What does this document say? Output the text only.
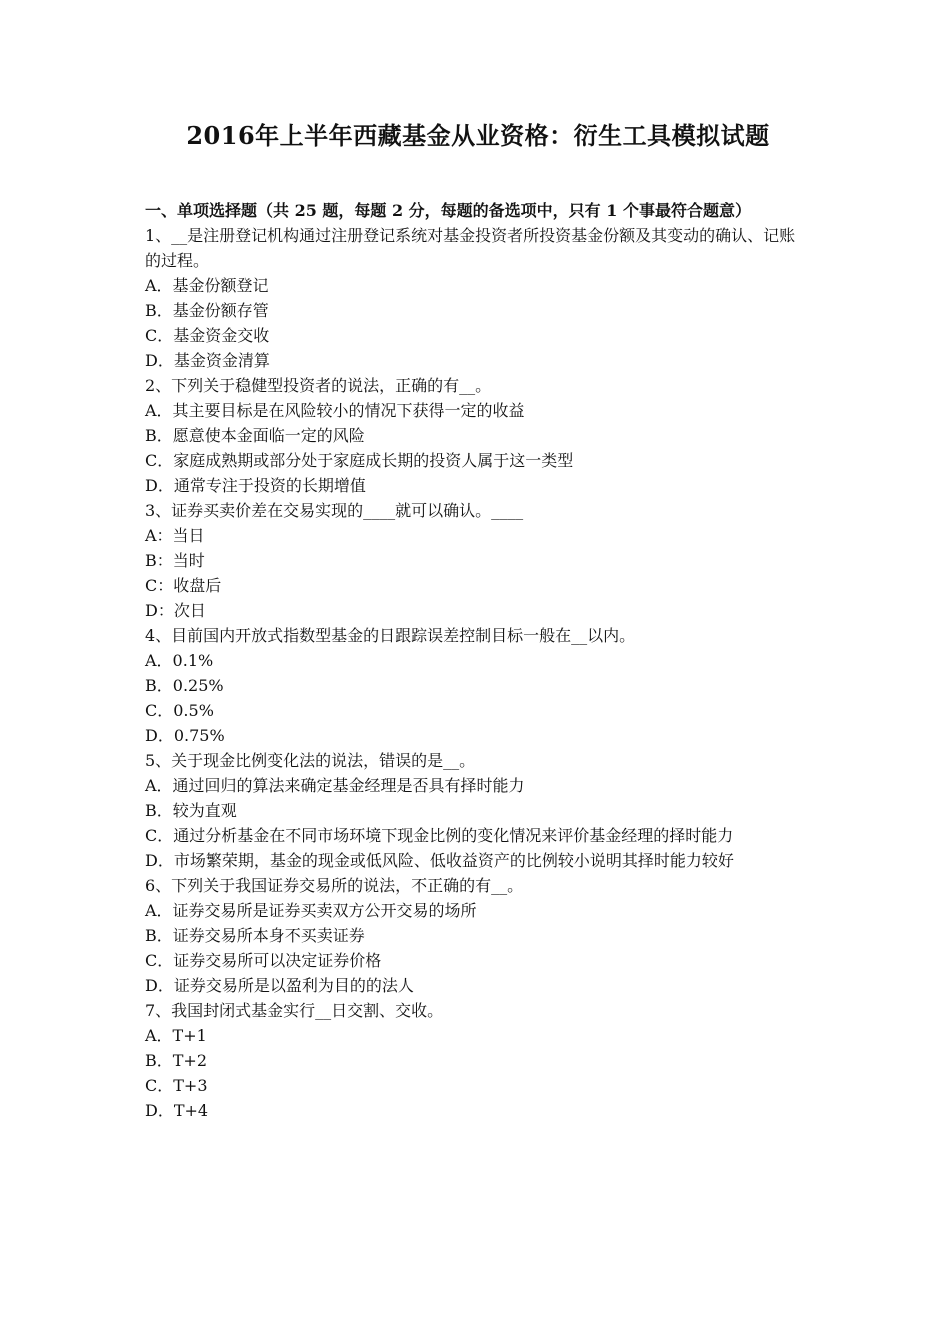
2016年上半年西藏基金从业资格：衍生工具模拟试题

一、单项选择题（共 25 题，每题 2 分，每题的备选项中，只有 1 个事最符合题意）

1、__是注册登记机构通过注册登记系统对基金投资者所投资基金份额及其变动的确认、记账的过程。

A．基金份额登记

B．基金份额存管

C．基金资金交收

D．基金资金清算

2、下列关于稳健型投资者的说法，正确的有__。

A．其主要目标是在风险较小的情况下获得一定的收益

B．愿意使本金面临一定的风险

C．家庭成熟期或部分处于家庭成长期的投资人属于这一类型

D．通常专注于投资的长期增值

3、证券买卖价差在交易实现的____就可以确认。____

A：当日

B：当时

C：收盘后

D：次日

4、目前国内开放式指数型基金的日跟踪误差控制目标一般在__以内。

A．0.1%

B．0.25%

C．0.5%

D．0.75%

5、关于现金比例变化法的说法，错误的是__。

A．通过回归的算法来确定基金经理是否具有择时能力

B．较为直观

C．通过分析基金在不同市场环境下现金比例的变化情况来评价基金经理的择时能力

D．市场繁荣期，基金的现金或低风险、低收益资产的比例较小说明其择时能力较好

6、下列关于我国证券交易所的说法，不正确的有__。

A．证券交易所是证券买卖双方公开交易的场所

B．证券交易所本身不买卖证券

C．证券交易所可以决定证券价格

D．证券交易所是以盈利为目的的法人

7、我国封闭式基金实行__日交割、交收。

A．T+1

B．T+2

C．T+3

D．T+4
